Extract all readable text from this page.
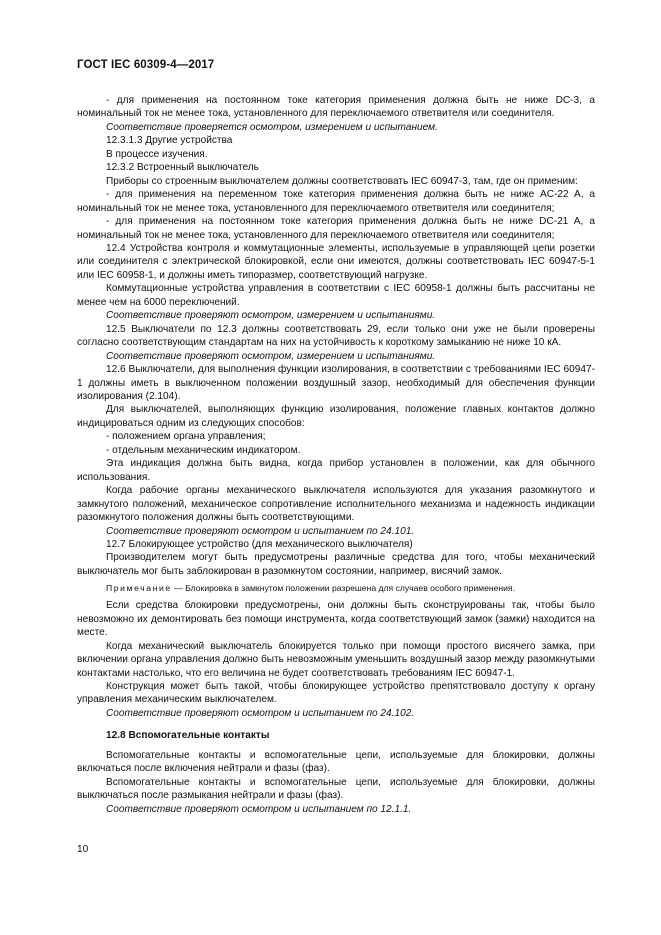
ГОСТ IEC 60309-4—2017

- для применения на постоянном токе категория применения должна быть не ниже DC-3, а номинальный ток не менее тока, установленного для переключаемого ответвителя или соединителя.

Соответствие проверяется осмотром, измерением и испытанием.

12.3.1.3 Другие устройства

В процессе изучения.

12.3.2 Встроенный выключатель

Приборы со строенным выключателем должны соответствовать IEC 60947-3, там, где он применим:

- для применения на переменном токе категория применения должна быть не ниже AC-22 A, а номинальный ток не менее тока, установленного для переключаемого ответвителя или соединителя;

- для применения на постоянном токе категория применения должна быть не ниже DC-21 A, а номинальный ток не менее тока, установленного для переключаемого ответвителя или соединителя;

12.4 Устройства контроля и коммутационные элементы, используемые в управляющей цепи розетки или соединителя с электрической блокировкой, если они имеются, должны соответствовать IEC 60947-5-1 или IEC 60958-1, и должны иметь типоразмер, соответствующий нагрузке.

Коммутационные устройства управления в соответствии с IEC 60958-1 должны быть рассчитаны не менее чем на 6000 переключений.

Соответствие проверяют осмотром, измерением и испытаниями.

12.5 Выключатели по 12.3 должны соответствовать 29, если только они уже не были проверены согласно соответствующим стандартам на них на устойчивость к короткому замыканию не ниже 10 кА.

Соответствие проверяют осмотром, измерением и испытаниями.

12.6 Выключатели, для выполнения функции изолирования, в соответствии с требованиями IEC 60947-1 должны иметь в выключенном положении воздушный зазор, необходимый для обеспечения функции изолирования (2.104).

Для выключателей, выполняющих функцию изолирования, положение главных контактов должно индицироваться одним из следующих способов:

- положением органа управления;

- отдельным механическим индикатором.

Эта индикация должна быть видна, когда прибор установлен в положении, как для обычного использования.

Когда рабочие органы механического выключателя используются для указания разомкнутого и замкнутого положений, механическое сопротивление исполнительного механизма и надежность индикации разомкнутого положения должны быть соответствующими.

Соответствие проверяют осмотром и испытанием по 24.101.

12.7 Блокирующее устройство (для механического выключателя)

Производителем могут быть предусмотрены различные средства для того, чтобы механический выключатель мог быть заблокирован в разомкнутом состоянии, например, висячий замок.

Примечание — Блокировка в замкнутом положении разрешена для случаев особого применения.

Если средства блокировки предусмотрены, они должны быть сконструированы так, чтобы было невозможно их демонтировать без помощи инструмента, когда соответствующий замок (замки) находится на месте.

Когда механический выключатель блокируется только при помощи простого висячего замка, при включении органа управления должно быть невозможным уменьшить воздушный зазор между разомкнутыми контактами настолько, что его величина не будет соответствовать требованиям IEC 60947-1.

Конструкция может быть такой, чтобы блокирующее устройство препятствовало доступу к органу управления механическим выключателем.

Соответствие проверяют осмотром и испытанием по 24.102.

12.8 Вспомогательные контакты

Вспомогательные контакты и вспомогательные цепи, используемые для блокировки, должны включаться после включения нейтрали и фазы (фаз).

Вспомогательные контакты и вспомогательные цепи, используемые для блокировки, должны выключаться после размыкания нейтрали и фазы (фаз).

Соответствие проверяют осмотром и испытанием по 12.1.1.

10
